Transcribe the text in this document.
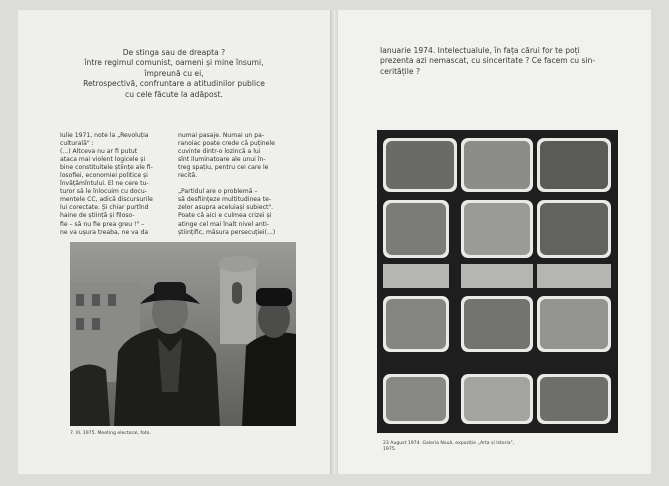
De stinga sau de dreapta ?
între regimul comunist, oameni și mine însumi,
împreună cu ei,
Retrospectivă, confruntare a atitudinilor publice
cu cele făcute la adăpost.
Iulie 1971, note la „Revoluția
culturală" :
(...) Altceva nu ar fi putut
ataca mai violent logicele și
bine constituitele științe ale fi-
losofiei, economiei politice și
învățămîntului. El ne cere tu-
turor să le înlocuim cu docu-
mentele CC, adică discursurile
lui corectate. Și chiar purtînd
haine de știință și filoso-
fie – să nu fie prea greu !" –
ne va ușura treaba, ne va da
numai pasaje. Numai un pa-
ranoiac poate crede că puținele
cuvinte dintr-o lozincă a lui
sînt iluminatoare ale unui în-
treg spațiu, pentru cei care le
recită.

„Partidul are o problemă –
să desființeze multitudinea te-
zelor asupra aceluiași subiect".
Poate că aici e culmea crizei și
atinge cel mai înalt nivel anti-
științific, măsura persecuției(...)
7. III. 1975. Meeting electoral, foto.
Ianuarie 1974. Intelectualule, în fața cărui for te poți
prezenta azi nemascat, cu sinceritate ? Ce facem cu sin-
ceritățile ?
23 August 1974. Galeria Nouă, expoziție „Arta și Istoria",
1975.
